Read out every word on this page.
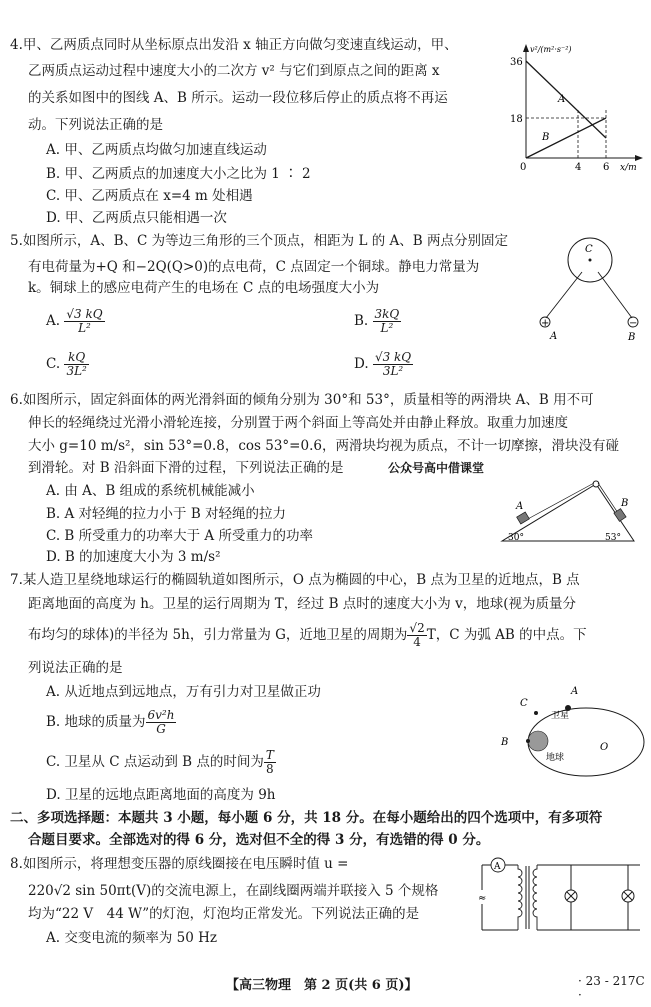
4.甲、乙两质点同时从坐标原点出发沿 x 轴正方向做匀变速直线运动，甲、
乙两质点运动过程中速度大小的二次方 v² 与它们到原点之间的距离 x
的关系如图中的图线 A、B 所示。运动一段位移后停止的质点将不再运
动。下列说法正确的是
A. 甲、乙两质点均做匀加速直线运动
B. 甲、乙两质点的加速度大小之比为 1 ∶ 2
C. 甲、乙两质点在 x=4 m 处相遇
D. 甲、乙两质点只能相遇一次
v²/(m²·s⁻²)
36
18
0	4 6 x/m
A
B
5.如图所示，A、B、C 为等边三角形的三个顶点，相距为 L 的 A、B 两点分别固定
有电荷量为+Q 和−2Q(Q>0)的点电荷，C 点固定一个铜球。静电力常量为
k。铜球上的感应电荷产生的电场在 C 点的电场强度大小为
A. $\frac{√3 kQ}{\text{L²}}$	B. $\frac{3kQ}{\text{L²}}$
C. $\frac{kQ}{\text{3L²}}$	D. $\frac{√3 kQ}{\text{3L²}}$
C
+	−
A	B
6.如图所示，固定斜面体的两光滑斜面的倾角分别为 30°和 53°，质量相等的两滑块 A、B 用不可
伸长的轻绳绕过光滑小滑轮连接，分别置于两个斜面上等高处并由静止释放。取重力加速度
大小 g=10 m/s²，sin 53°=0.8，cos 53°=0.6，两滑块均视为质点，不计一切摩擦，滑块没有碰
到滑轮。对 B 沿斜面下滑的过程，下列说法正确的是	公众号高中借课堂
A. 由 A、B 组成的系统机械能减小
B. A 对轻绳的拉力小于 B 对轻绳的拉力
C. B 所受重力的功率大于 A 所受重力的功率
D. B 的加速度大小为 3 m/s²
A	B
30°	53°
7.某人造卫星绕地球运行的椭圆轨道如图所示，O 点为椭圆的中心，B 点为卫星的近地点，B 点
距离地面的高度为 h。卫星的运行周期为 T，经过 B 点时的速度大小为 v，地球(视为质量分
布均匀的球体)的半径为 5h，引力常量为 G，近地卫星的周期为 $\frac{√2}{4}$ T，C 为弧 AB 的中点。下
列说法正确的是
A. 从近地点到远地点，万有引力对卫星做正功
B. 地球的质量为 $\frac{\text{6v²h}}{G}$
C. 卫星从 C 点运动到 B 点的时间为 $\frac{T}{8}$
D. 卫星的远地点距离地面的高度为 9h
A
C
B	O
卫星
地球
二、多项选择题：本题共 3 小题，每小题 6 分，共 18 分。在每小题给出的四个选项中，有多项符
合题目要求。全部选对的得 6 分，选对但不全的得 3 分，有选错的得 0 分。
8.如图所示，将理想变压器的原线圈接在电压瞬时值 u =
220√2 sin 50πt(V)的交流电源上，在副线圈两端并联接入 5 个规格
均为“22 V　44 W”的灯泡，灯泡均正常发光。下列说法正确的是
A. 交变电流的频率为 50 Hz
A
≈
【高三物理　第 2 页(共 6 页)】	· 23 - 217C ·
